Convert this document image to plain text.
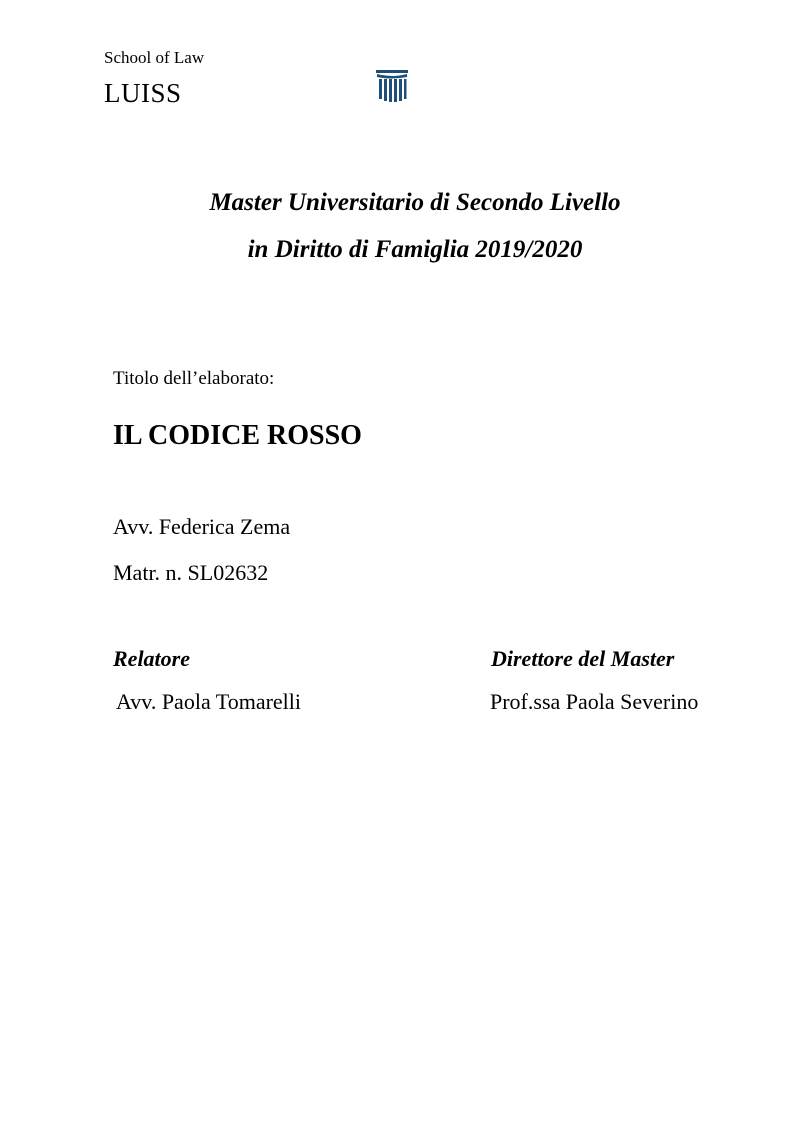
School of Law
LUISS
Master Universitario di Secondo Livello
in Diritto di Famiglia 2019/2020
Titolo dell’elaborato:
IL CODICE ROSSO
Avv. Federica Zema
Matr. n. SL02632
Relatore
Avv. Paola Tomarelli
Direttore del Master
Prof.ssa Paola Severino
